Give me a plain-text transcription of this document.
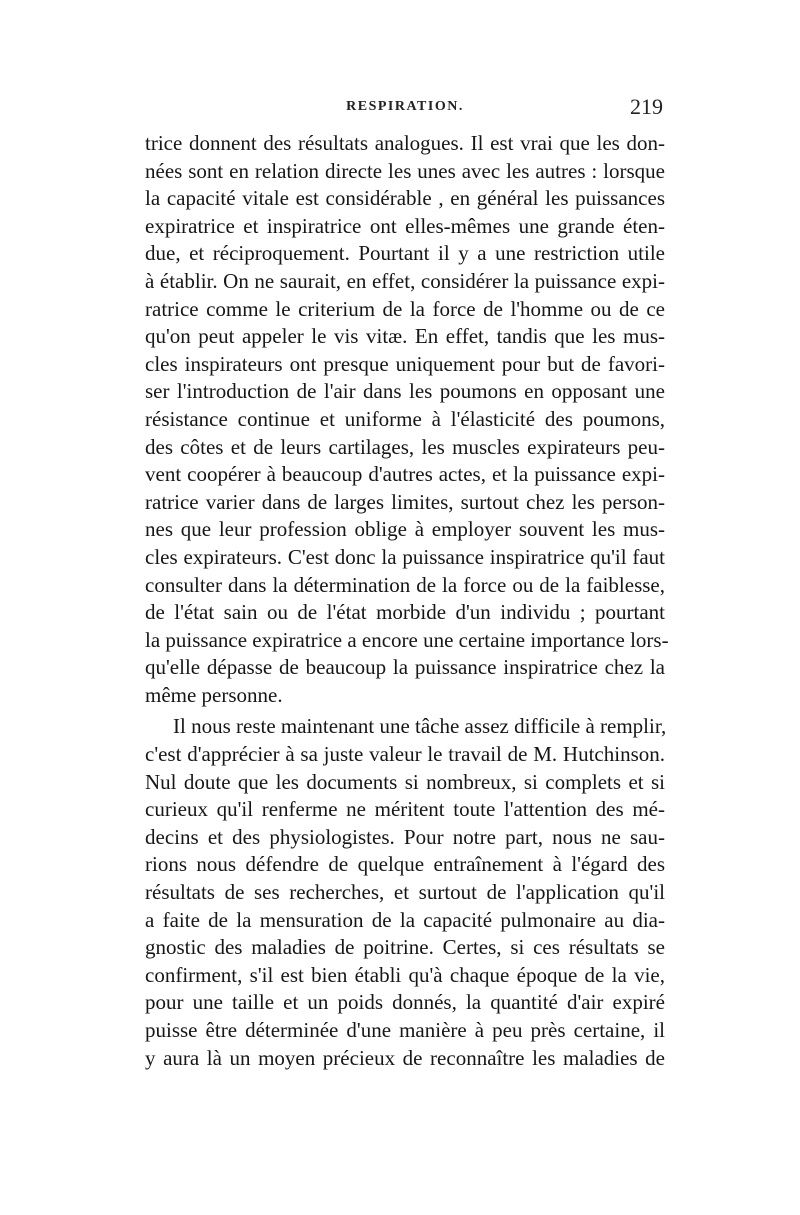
RESPIRATION.	219
trice donnent des résultats analogues. Il est vrai que les don-
nées sont en relation directe les unes avec les autres : lorsque
la capacité vitale est considérable , en général les puissances
expiratrice et inspiratrice ont elles-mêmes une grande éten-
due, et réciproquement. Pourtant il y a une restriction utile
à établir. On ne saurait, en effet, considérer la puissance expi-
ratrice comme le criterium de la force de l'homme ou de ce
qu'on peut appeler le vis vitæ. En effet, tandis que les mus-
cles inspirateurs ont presque uniquement pour but de favori-
ser l'introduction de l'air dans les poumons en opposant une
résistance continue et uniforme à l'élasticité des poumons,
des côtes et de leurs cartilages, les muscles expirateurs peu-
vent coopérer à beaucoup d'autres actes, et la puissance expi-
ratrice varier dans de larges limites, surtout chez les person-
nes que leur profession oblige à employer souvent les mus-
cles expirateurs. C'est donc la puissance inspiratrice qu'il faut
consulter dans la détermination de la force ou de la faiblesse,
de l'état sain ou de l'état morbide d'un individu ; pourtant
la puissance expiratrice a encore une certaine importance lors-
qu'elle dépasse de beaucoup la puissance inspiratrice chez la
même personne.
Il nous reste maintenant une tâche assez difficile à remplir,
c'est d'apprécier à sa juste valeur le travail de M. Hutchinson.
Nul doute que les documents si nombreux, si complets et si
curieux qu'il renferme ne méritent toute l'attention des mé-
decins et des physiologistes. Pour notre part, nous ne sau-
rions nous défendre de quelque entraînement à l'égard des
résultats de ses recherches, et surtout de l'application qu'il
a faite de la mensuration de la capacité pulmonaire au dia-
gnostic des maladies de poitrine. Certes, si ces résultats se
confirment, s'il est bien établi qu'à chaque époque de la vie,
pour une taille et un poids donnés, la quantité d'air expiré
puisse être déterminée d'une manière à peu près certaine, il
y aura là un moyen précieux de reconnaître les maladies de
